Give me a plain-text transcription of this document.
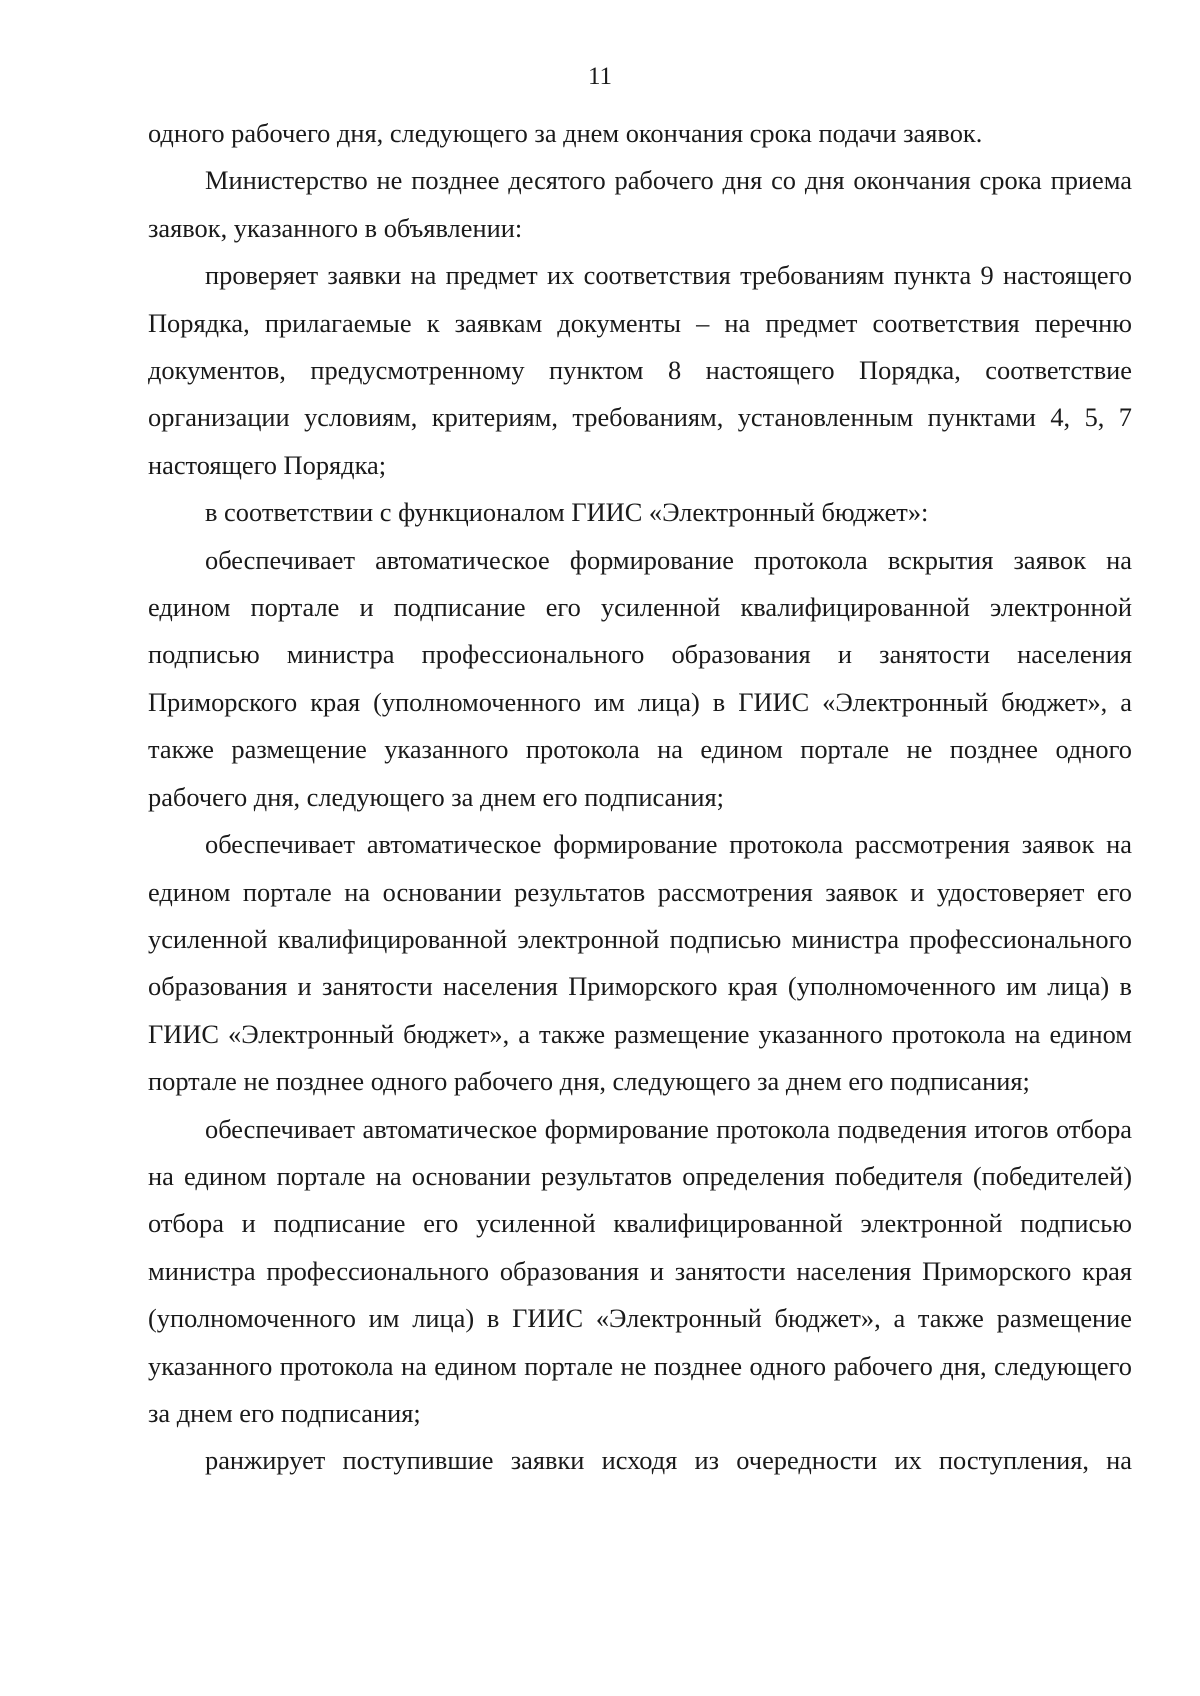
11

одного рабочего дня, следующего за днем окончания срока подачи заявок.

Министерство не позднее десятого рабочего дня со дня окончания срока приема заявок, указанного в объявлении:

проверяет заявки на предмет их соответствия требованиям пункта 9 настоящего Порядка, прилагаемые к заявкам документы – на предмет соответствия перечню документов, предусмотренному пунктом 8 настоящего Порядка, соответствие организации условиям, критериям, требованиям, установленным пунктами 4, 5, 7 настоящего Порядка;

в соответствии с функционалом ГИИС «Электронный бюджет»:

обеспечивает автоматическое формирование протокола вскрытия заявок на едином портале и подписание его усиленной квалифицированной электронной подписью министра профессионального образования и занятости населения Приморского края (уполномоченного им лица) в ГИИС «Электронный бюджет», а также размещение указанного протокола на едином портале не позднее одного рабочего дня, следующего за днем его подписания;

обеспечивает автоматическое формирование протокола рассмотрения заявок на едином портале на основании результатов рассмотрения заявок и удостоверяет его усиленной квалифицированной электронной подписью министра профессионального образования и занятости населения Приморского края (уполномоченного им лица) в ГИИС «Электронный бюджет», а также размещение указанного протокола на едином портале не позднее одного рабочего дня, следующего за днем его подписания;

обеспечивает автоматическое формирование протокола подведения итогов отбора на едином портале на основании результатов определения победителя (победителей) отбора и подписание его усиленной квалифицированной электронной подписью министра профессионального образования и занятости населения Приморского края (уполномоченного им лица) в ГИИС «Электронный бюджет», а также размещение указанного протокола на едином портале не позднее одного рабочего дня, следующего за днем его подписания;

ранжирует поступившие заявки исходя из очередности их поступления, на
